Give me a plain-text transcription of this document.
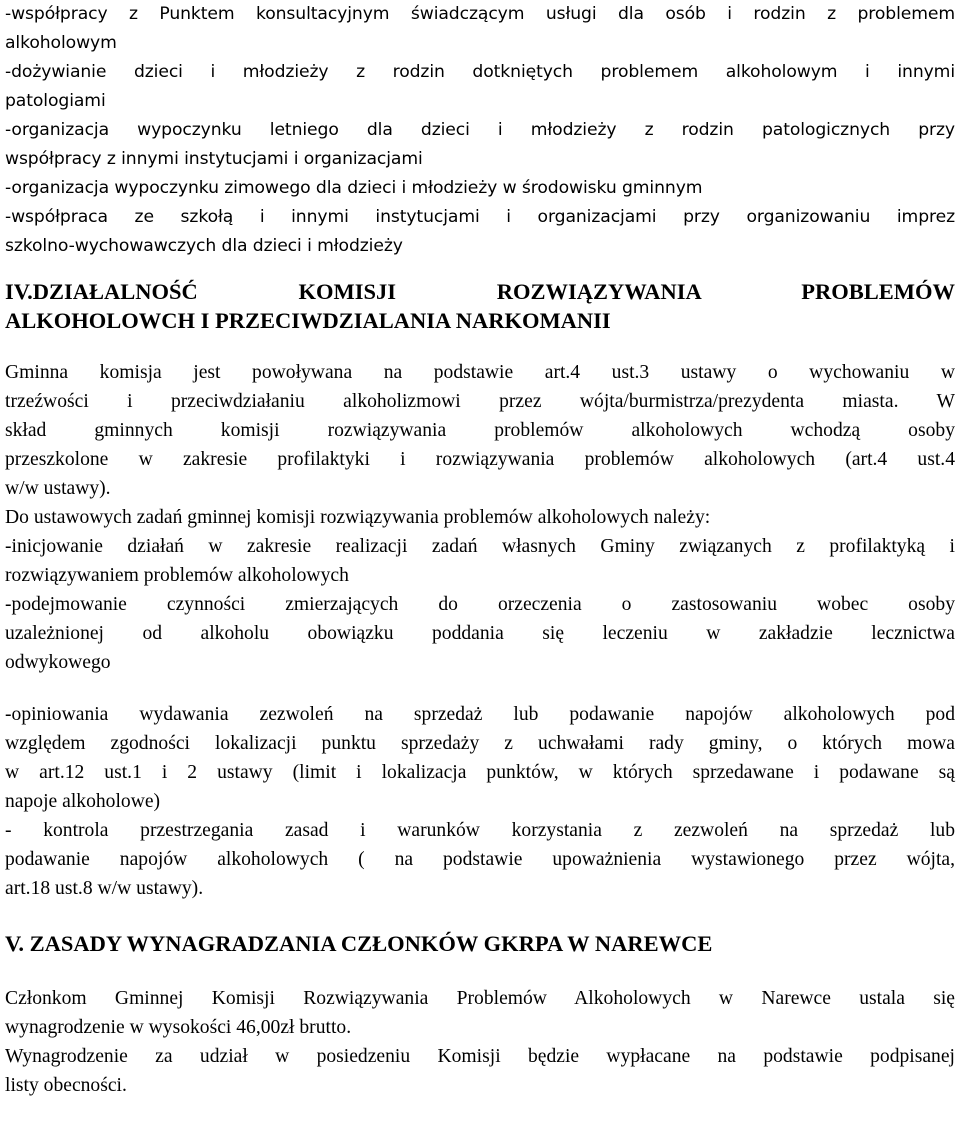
-współpracy z Punktem konsultacyjnym świadczącym usługi dla osób i rodzin z problemem
alkoholowym
-dożywianie dzieci i młodzieży z rodzin dotkniętych problemem alkoholowym i innymi
patologiami
-organizacja wypoczynku letniego dla dzieci i młodzieży z rodzin patologicznych przy
współpracy z innymi instytucjami i organizacjami
-organizacja wypoczynku zimowego dla dzieci i młodzieży w środowisku gminnym
-współpraca ze szkołą i innymi instytucjami i organizacjami przy organizowaniu imprez
szkolno-wychowawczych dla dzieci i młodzieży
IV.DZIAŁALNOŚĆ KOMISJI ROZWIĄZYWANIA PROBLEMÓW
ALKOHOLOWCH I PRZECIWDZIALANIA NARKOMANII
Gminna komisja jest powoływana na podstawie art.4 ust.3 ustawy o wychowaniu w
trzeźwości i przeciwdziałaniu alkoholizmowi przez wójta/burmistrza/prezydenta miasta. W
skład gminnych komisji rozwiązywania problemów alkoholowych wchodzą osoby
przeszkolone w zakresie profilaktyki i rozwiązywania problemów alkoholowych (art.4 ust.4
w/w ustawy).
Do ustawowych zadań gminnej komisji rozwiązywania problemów alkoholowych należy:
-inicjowanie działań w zakresie realizacji zadań własnych Gminy związanych z profilaktyką i
rozwiązywaniem problemów alkoholowych
-podejmowanie czynności zmierzających do orzeczenia o zastosowaniu wobec osoby
uzależnionej od alkoholu obowiązku poddania się leczeniu w zakładzie lecznictwa
odwykowego
-opiniowania wydawania zezwoleń na sprzedaż lub podawanie napojów alkoholowych pod
względem zgodności lokalizacji punktu sprzedaży z uchwałami rady gminy, o których mowa
w art.12 ust.1 i 2 ustawy (limit i lokalizacja punktów, w których sprzedawane i podawane są
napoje alkoholowe)
- kontrola przestrzegania zasad i warunków korzystania z zezwoleń na sprzedaż lub
podawanie napojów alkoholowych ( na podstawie upoważnienia wystawionego przez wójta,
art.18 ust.8 w/w ustawy).
V. ZASADY WYNAGRADZANIA CZŁONKÓW GKRPA W NAREWCE
Członkom Gminnej Komisji Rozwiązywania Problemów Alkoholowych w Narewce ustala się
wynagrodzenie w wysokości 46,00zł brutto.
Wynagrodzenie za udział w posiedzeniu Komisji będzie wypłacane na podstawie podpisanej
listy obecności.
